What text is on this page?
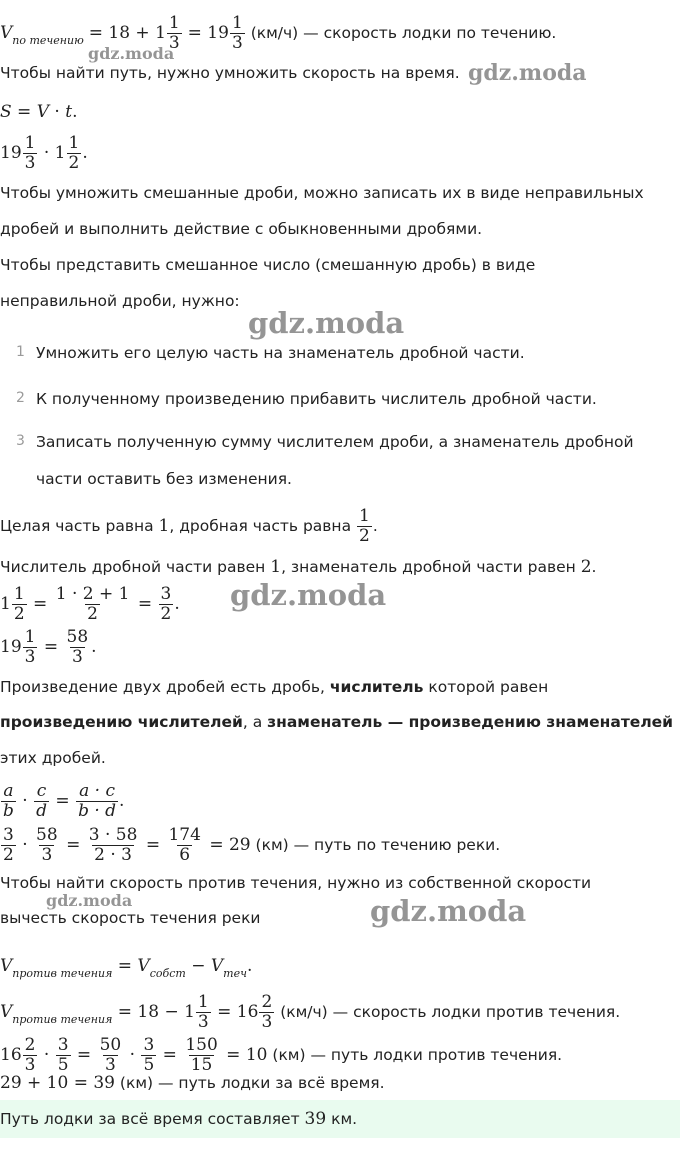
$V_{по течению} = 18 + 1 \frac{1}{3} = 19 \frac{1}{3} (км/ч)$ — скорость лодки по течению.
gdz.moda
Чтобы найти путь, нужно умножить скорость на время. gdz.moda
S = V · t.
$19 \frac{1}{3} \cdot 1 \frac{1}{2}$ .
Чтобы умножить смешанные дроби, можно записать их в виде неправильных
дробей и выполнить действие с обыкновенными дробями.
Чтобы представить смешанное число (смешанную дробь) в виде
неправильной дроби, нужно:
gdz.moda
1 Умножить его целую часть на знаменатель дробной части.
2 К полученному произведению прибавить числитель дробной части.
3 Записать полученную сумму числителем дроби, а знаменатель дробной
части оставить без изменения.
Целая часть равна 1, дробная часть равна $\frac{1}{2}$ .
Числитель дробной части равен 1, знаменатель дробной части равен 2.
$1 \frac{1}{2} = \frac{1 \cdot 2 + 1}{2} = \frac{3}{2}$ . gdz.moda
$19 \frac{1}{3} = \frac{58}{3}$ .
Произведение двух дробей есть дробь, числитель которой равен
произведению числителей, а знаменатель — произведению знаменателей
этих дробей.
$\frac{a}{b} \cdot \frac{c}{d} = \frac{a \cdot c}{b \cdot d}$ .
$\frac{3}{2} \cdot \frac{58}{3} = \frac{3 \cdot 58}{2 \cdot 3} = \frac{174}{6} = 29$ (км) — путь по течению реки.
Чтобы найти скорость против течения, нужно из собственной скорости
gdz.moda
вычесть скорость течения реки	gdz.moda
$V_{против течения} = V_{собст} - V_{теч}$.
$V_{против течения} = 18 - 1 \frac{1}{3} = 16 \frac{2}{3} (км/ч)$ — скорость лодки против течения.
$16 \frac{2}{3} \cdot \frac{3}{5} = \frac{50}{3} \cdot \frac{3}{5} = \frac{150}{15} = 10$ (км) — путь лодки против течения.
29 + 10 = 39 (км) — путь лодки за всё время.
Путь лодки за всё время составляет 39 км.
